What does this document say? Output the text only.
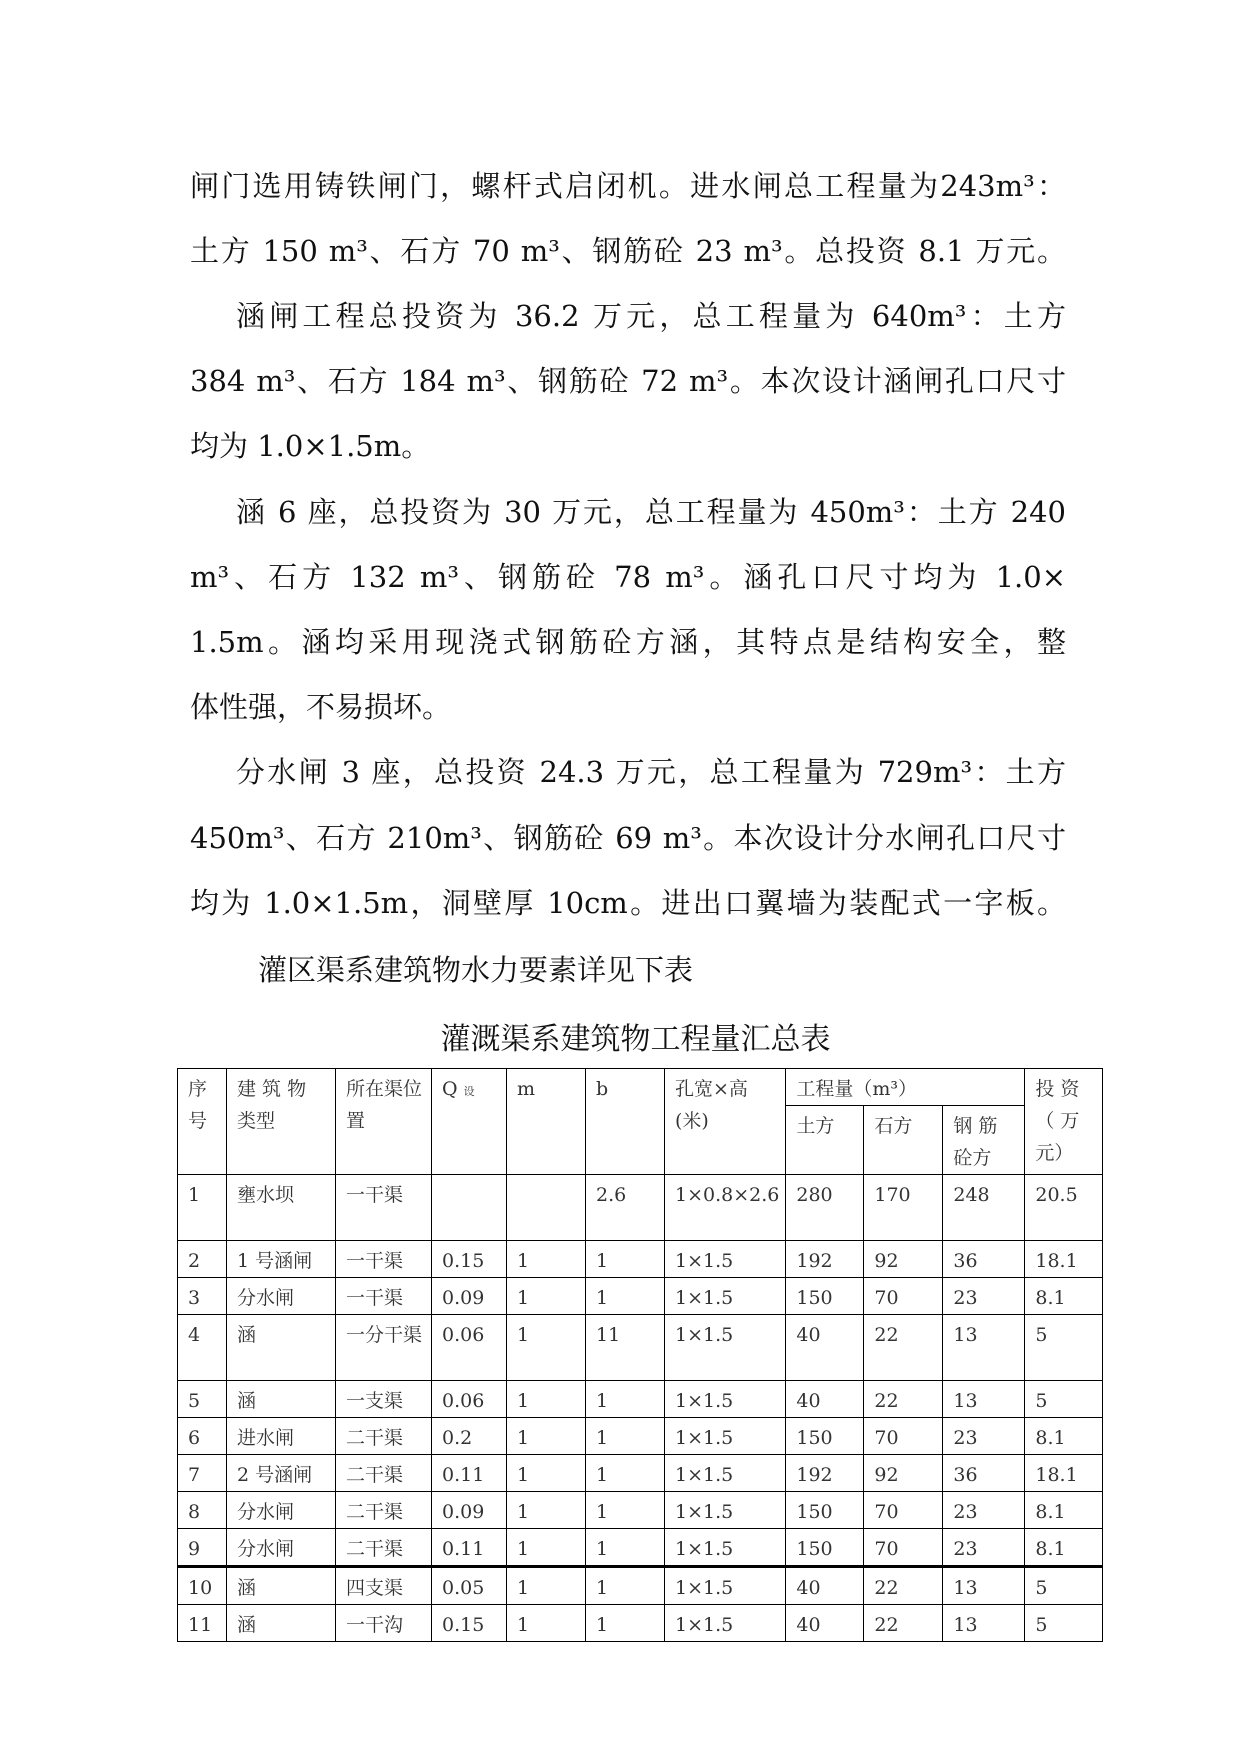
闸门选用铸铁闸门，螺杆式启闭机。进水闸总工程量为243m³：
土方 150 m³、石方 70 m³、钢筋砼 23 m³。总投资 8.1 万元。
涵闸工程总投资为 36.2 万元，总工程量为 640m³：土方
384 m³、石方 184 m³、钢筋砼 72 m³。本次设计涵闸孔口尺寸
均为 1.0×1.5m。
涵 6 座，总投资为 30 万元，总工程量为 450m³：土方 240
m³、石方 132 m³、钢筋砼 78 m³。涵孔口尺寸均为 1.0×
1.5m。涵均采用现浇式钢筋砼方涵，其特点是结构安全，整
体性强，不易损坏。
分水闸 3 座，总投资 24.3 万元，总工程量为 729m³：土方
450m³、石方 210m³、钢筋砼 69 m³。本次设计分水闸孔口尺寸
均为 1.0×1.5m，洞壁厚 10cm。进出口翼墙为装配式一字板。
灌区渠系建筑物水力要素详见下表
灌溉渠系建筑物工程量汇总表
序号	建 筑 物 类型	所在渠位置	Q 设	m	b	孔宽×高(米)	工程量（m³）			投 资（ 万元）
							土方	石方	钢 筋 砼方	
1	壅水坝	一干渠			2.6	1×0.8×2.6	280	170	248	20.5
2	1 号涵闸	一干渠	0.15	1	1	1×1.5	192	92	36	18.1
3	分水闸	一干渠	0.09	1	1	1×1.5	150	70	23	8.1
4	涵	一分干渠	0.06	1	11	1×1.5	40	22	13	5
5	涵	一支渠	0.06	1	1	1×1.5	40	22	13	5
6	进水闸	二干渠	0.2	1	1	1×1.5	150	70	23	8.1
7	2 号涵闸	二干渠	0.11	1	1	1×1.5	192	92	36	18.1
8	分水闸	二干渠	0.09	1	1	1×1.5	150	70	23	8.1
9	分水闸	二干渠	0.11	1	1	1×1.5	150	70	23	8.1
10	涵	四支渠	0.05	1	1	1×1.5	40	22	13	5
11	涵	一干沟	0.15	1	1	1×1.5	40	22	13	5
